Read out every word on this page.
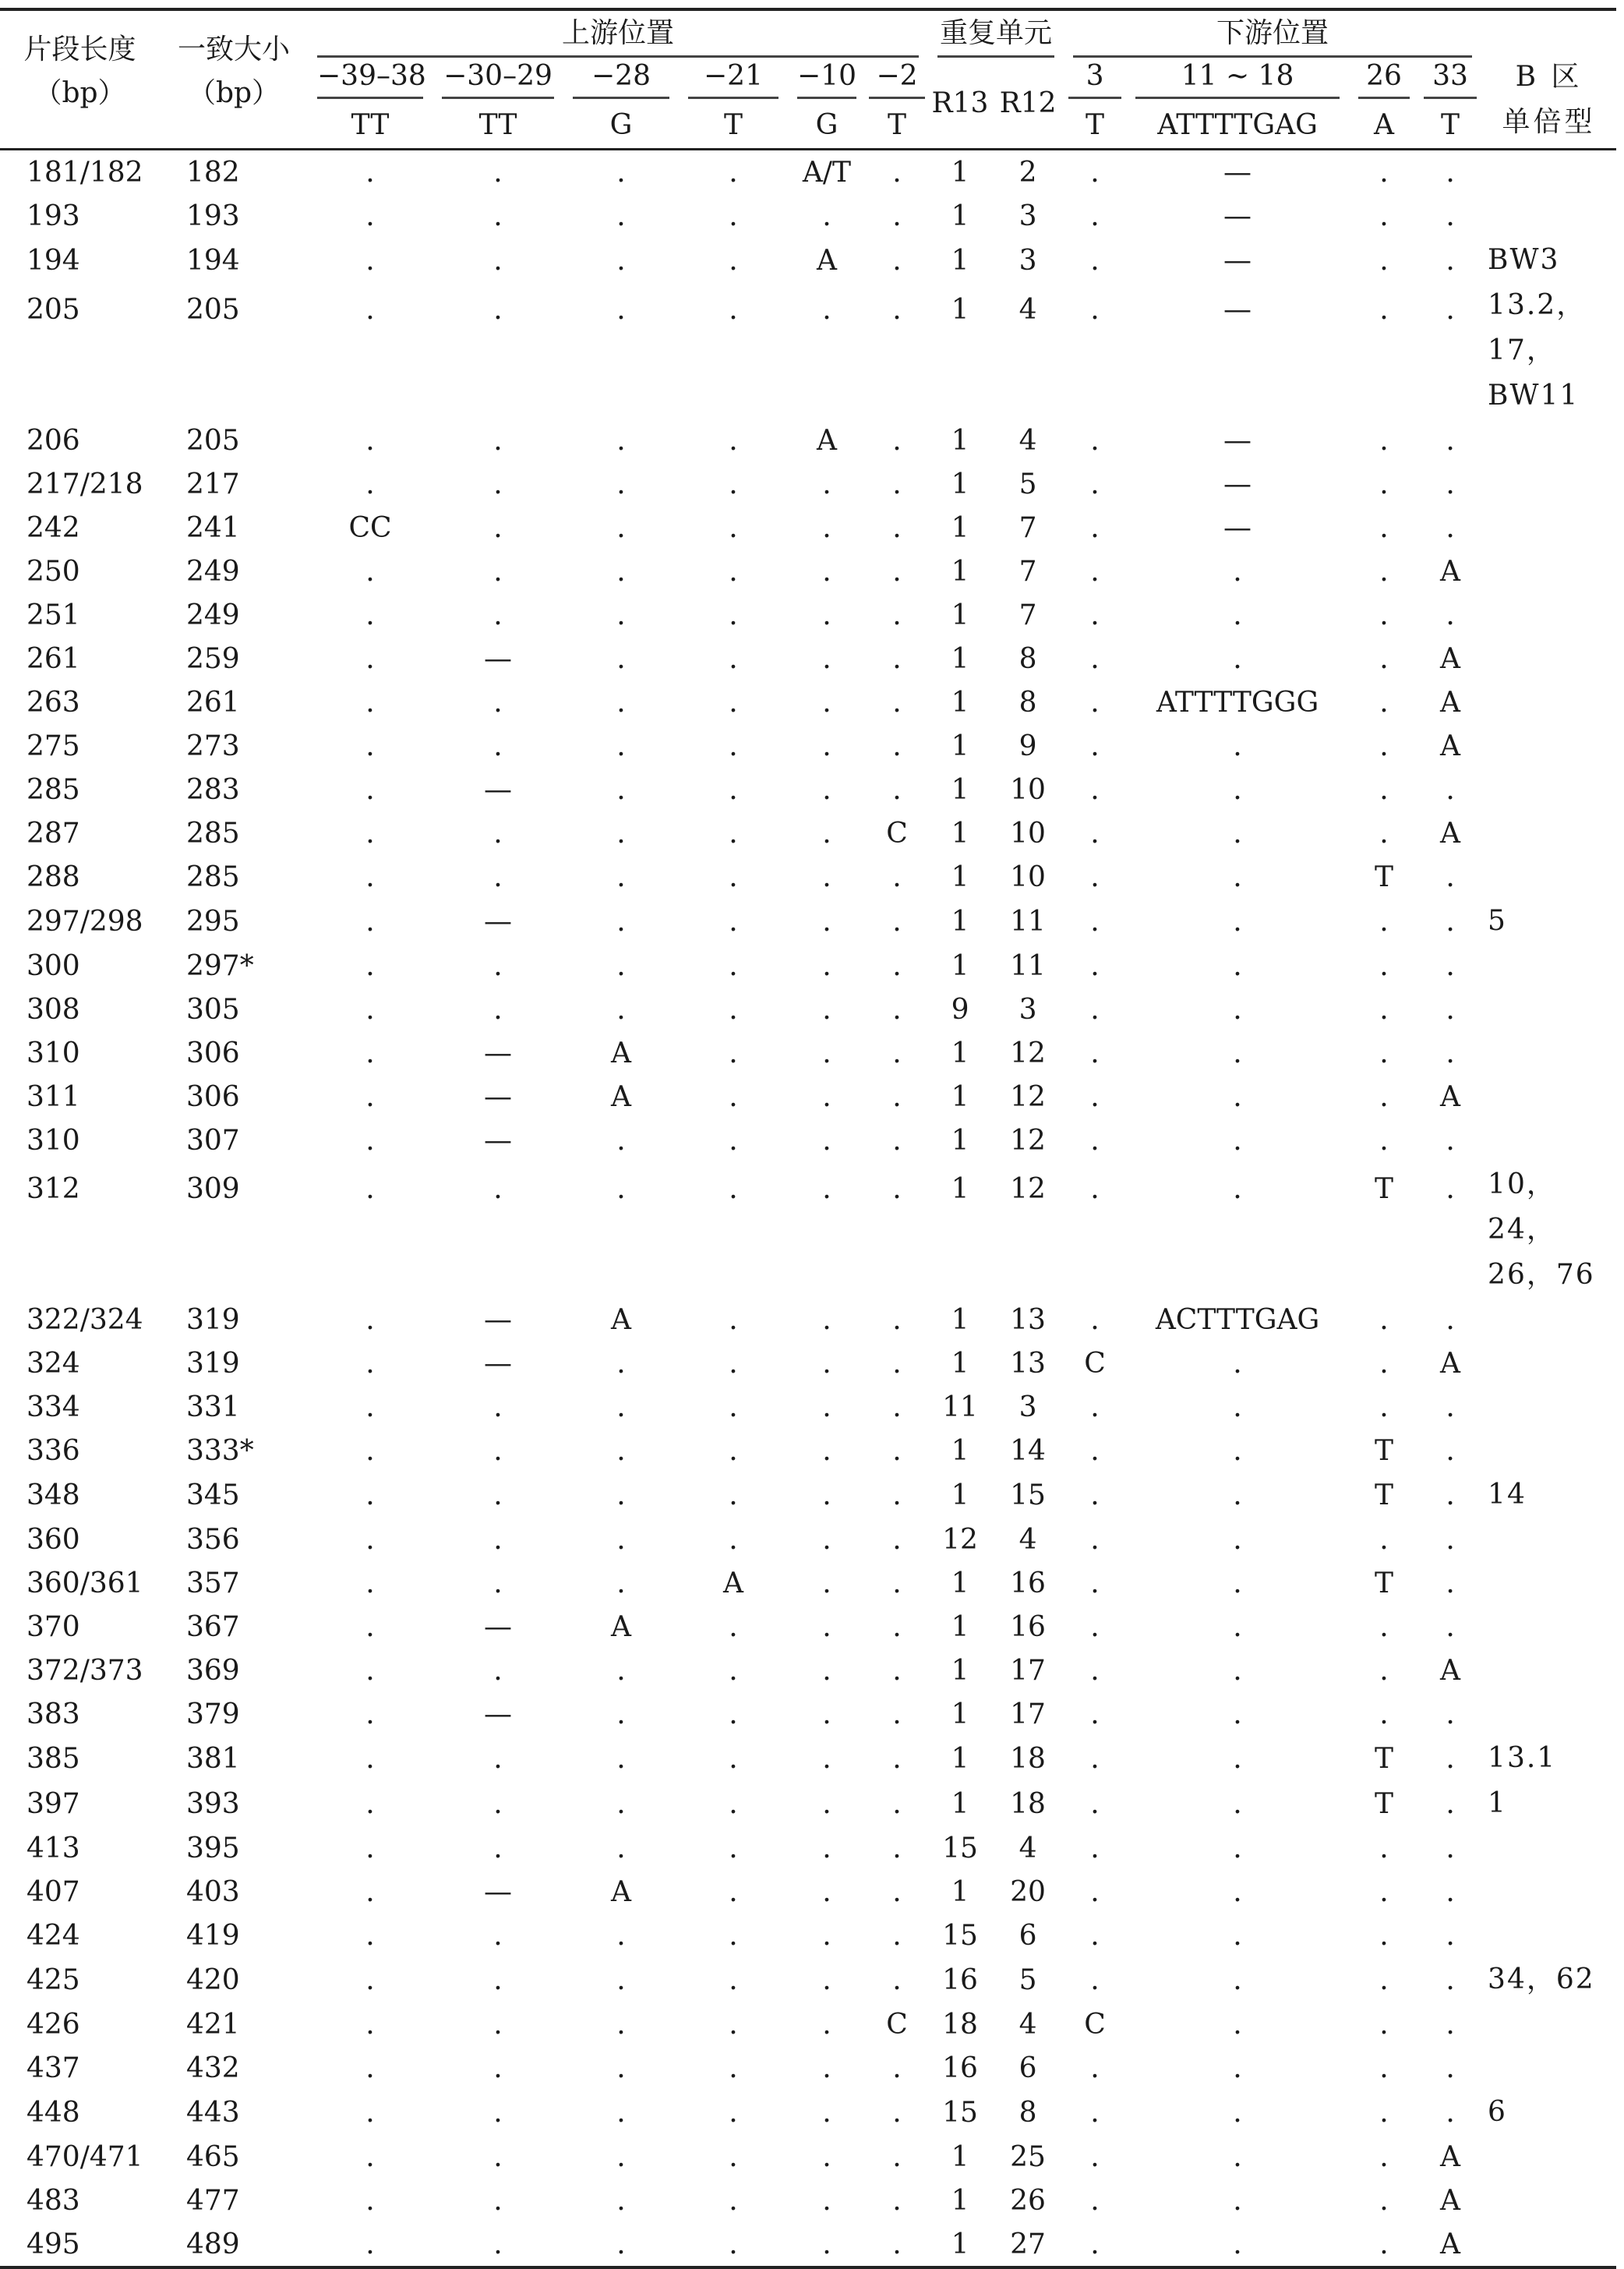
片段长度
（bp）	一致大小
（bp）	上游位置						重复单元		下游位置				B 区单倍型

		−39–38	−30–29	−28	−21	−10	−2	R13	R12	3	11 ~ 18	26	33	

		TT	TT	G	T	G	T			T	ATTTTGAG	A	T	
181/182	182	.	.	.	.	A/T	.	1	2	.	—	.	.	
193	193	.	.	.	.	.	.	1	3	.	—	.	.	
194	194	.	.	.	.	A	.	1	3	.	—	.	.	BW3
205	205	.	.	.	.	.	.	1	4	.	—	.	.	13.2，17，BW11
206	205	.	.	.	.	A	.	1	4	.	—	.	.	
217/218	217	.	.	.	.	.	.	1	5	.	—	.	.	
242	241	CC	.	.	.	.	.	1	7	.	—	.	.	
250	249	.	.	.	.	.	.	1	7	.	.	.	A	
251	249	.	.	.	.	.	.	1	7	.	.	.	.	
261	259	.	—	.	.	.	.	1	8	.	.	.	A	
263	261	.	.	.	.	.	.	1	8	.	ATTTTGGG	.	A	
275	273	.	.	.	.	.	.	1	9	.	.	.	A	
285	283	.	—	.	.	.	.	1	10	.	.	.	.	
287	285	.	.	.	.	.	C	1	10	.	.	.	A	
288	285	.	.	.	.	.	.	1	10	.	.	T	.	
297/298	295	.	—	.	.	.	.	1	11	.	.	.	.	5
300	297*	.	.	.	.	.	.	1	11	.	.	.	.	
308	305	.	.	.	.	.	.	9	3	.	.	.	.	
310	306	.	—	A	.	.	.	1	12	.	.	.	.	
311	306	.	—	A	.	.	.	1	12	.	.	.	A	
310	307	.	—	.	.	.	.	1	12	.	.	.	.	
312	309	.	.	.	.	.	.	1	12	.	.	T	.	10，24，26，76
322/324	319	.	—	A	.	.	.	1	13	.	ACTTTGAG	.	.	
324	319	.	—	.	.	.	.	1	13	C	.	.	A	
334	331	.	.	.	.	.	.	11	3	.	.	.	.	
336	333*	.	.	.	.	.	.	1	14	.	.	T	.	
348	345	.	.	.	.	.	.	1	15	.	.	T	.	14
360	356	.	.	.	.	.	.	12	4	.	.	.	.	
360/361	357	.	.	.	A	.	.	1	16	.	.	T	.	
370	367	.	—	A	.	.	.	1	16	.	.	.	.	
372/373	369	.	.	.	.	.	.	1	17	.	.	.	A	
383	379	.	—	.	.	.	.	1	17	.	.	.	.	
385	381	.	.	.	.	.	.	1	18	.	.	T	.	13.1
397	393	.	.	.	.	.	.	1	18	.	.	T	.	1
413	395	.	.	.	.	.	.	15	4	.	.	.	.	
407	403	.	—	A	.	.	.	1	20	.	.	.	.	
424	419	.	.	.	.	.	.	15	6	.	.	.	.	
425	420	.	.	.	.	.	.	16	5	.	.	.	.	34，62
426	421	.	.	.	.	.	C	18	4	C	.	.	.	
437	432	.	.	.	.	.	.	16	6	.	.	.	.	
448	443	.	.	.	.	.	.	15	8	.	.	.	.	6
470/471	465	.	.	.	.	.	.	1	25	.	.	.	A	
483	477	.	.	.	.	.	.	1	26	.	.	.	A	
495	489	.	.	.	.	.	.	1	27	.	.	.	A	
